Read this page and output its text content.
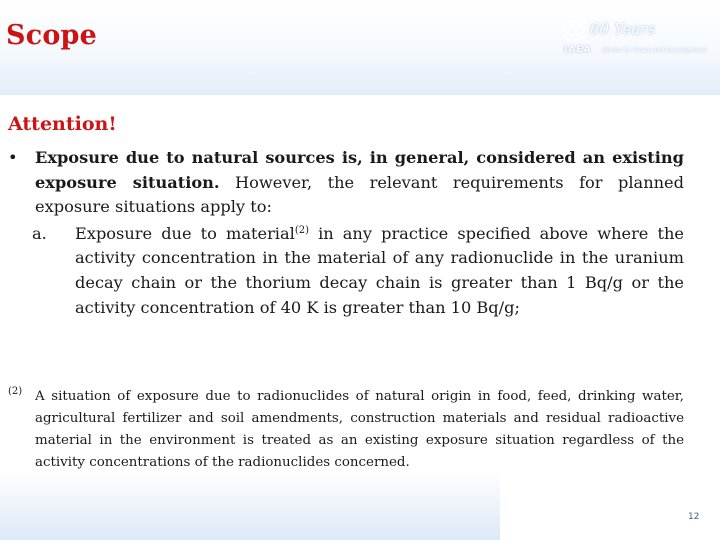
Scope	60 Years
IAEA Atoms for Peace and Development
Attention!
• Exposure due to natural sources is, in general, considered an existing exposure situation. However, the relevant requirements for planned exposure situations apply to:
a. Exposure due to material$^{(2)}$ in any practice specified above where the activity concentration in the material of any radionuclide in the uranium decay chain or the thorium decay chain is greater than 1 Bq/g or the activity concentration of 40 K is greater than 10 Bq/g;
(2) A situation of exposure due to radionuclides of natural origin in food, feed, drinking water, agricultural fertilizer and soil amendments, construction materials and residual radioactive material in the environment is treated as an existing exposure situation regardless of the activity concentrations of the radionuclides concerned.
12
